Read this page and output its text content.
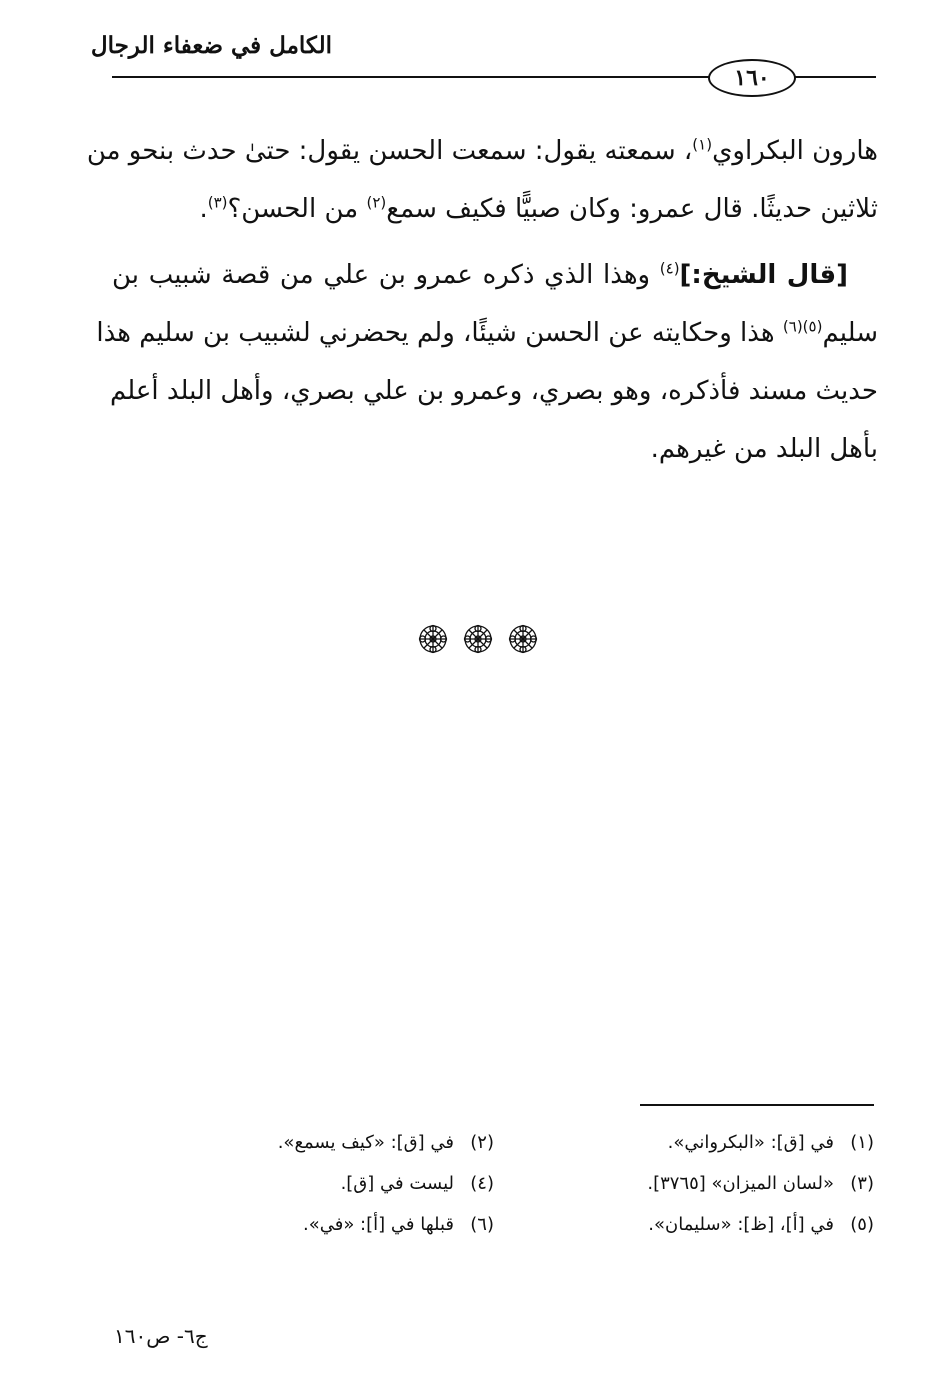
الكامل في ضعفاء الرجال
١٦٠
هارون البكراوي$^{(١)}$، سمعته يقول: سمعت الحسن يقول: حتىٰ حدث بنحو من
ثلاثين حديثًا. قال عمرو: وكان صبيًّا فكيف سمع$^{(٢)}$ من الحسن؟$^{(٣)}$.
[قال الشيخ:]$^{(٤)}$ وهذا الذي ذكره عمرو بن علي من قصة شبيب بن
سليم$^{(٥)(٦)}$ هذا وحكايته عن الحسن شيئًا، ولم يحضرني لشبيب بن سليم هذا
حديث مسند فأذكره، وهو بصري، وعمرو بن علي بصري، وأهل البلد أعلم
بأهل البلد من غيرهم.
(١)في [ق]: «البكرواني».
(٣)«لسان الميزان» [٣٧٦٥].
(٥)في [أ]، [ظ]: «سليمان».
(٢)في [ق]: «كيف يسمع».
(٤)ليست في [ق].
(٦)قبلها في [أ]: «في».
ج٦- ص١٦٠
